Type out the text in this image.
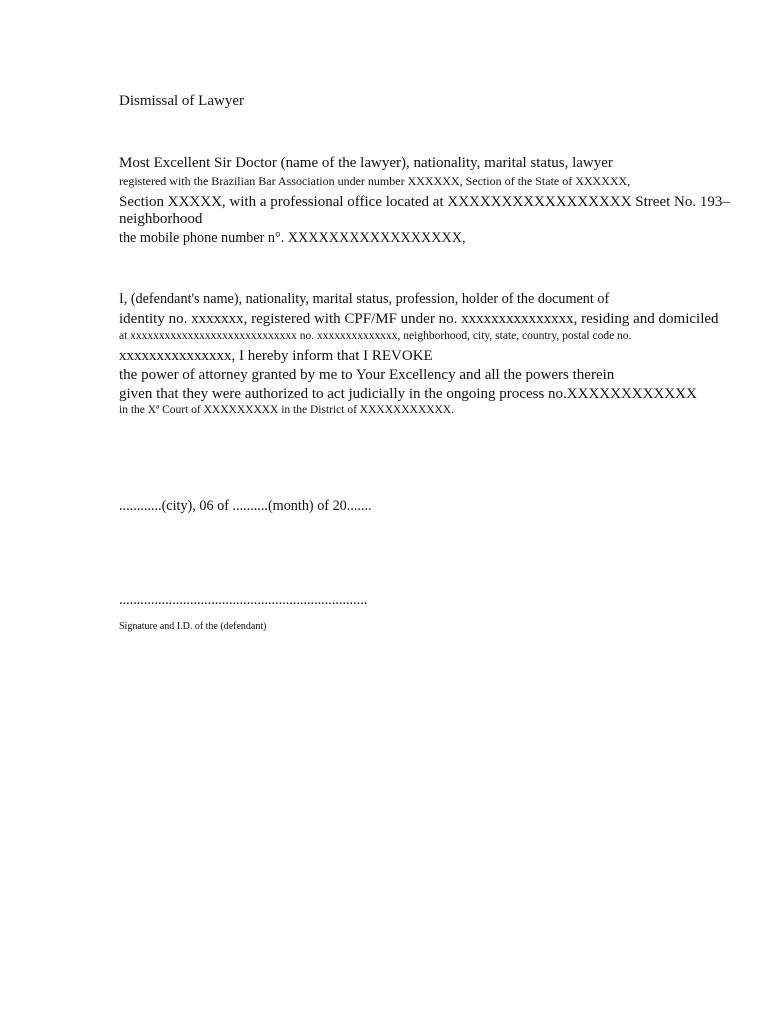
Dismissal of Lawyer
Most Excellent Sir Doctor (name of the lawyer), nationality, marital status, lawyer
registered with the Brazilian Bar Association under number XXXXXX, Section of the State of XXXXXX,
Section XXXXX, with a professional office located at XXXXXXXXXXXXXXXXX Street No. 193–
neighborhood
the mobile phone number n°. XXXXXXXXXXXXXXXXX,
I, (defendant's name), nationality, marital status, profession, holder of the document of
identity no. xxxxxxx, registered with CPF/MF under no. xxxxxxxxxxxxxxx, residing and domiciled
at xxxxxxxxxxxxxxxxxxxxxxxxxxxxx no. xxxxxxxxxxxxxx, neighborhood, city, state, country, postal code no.
xxxxxxxxxxxxxxx, I hereby inform that I REVOKE
the power of attorney granted by me to Your Excellency and all the powers therein
given that they were authorized to act judicially in the ongoing process no.XXXXXXXXXXXX
in the Xª Court of XXXXXXXXX in the District of XXXXXXXXXXX.
............(city), 06 of ..........(month) of 20.......
......................................................................
Signature and I.D. of the (defendant)
